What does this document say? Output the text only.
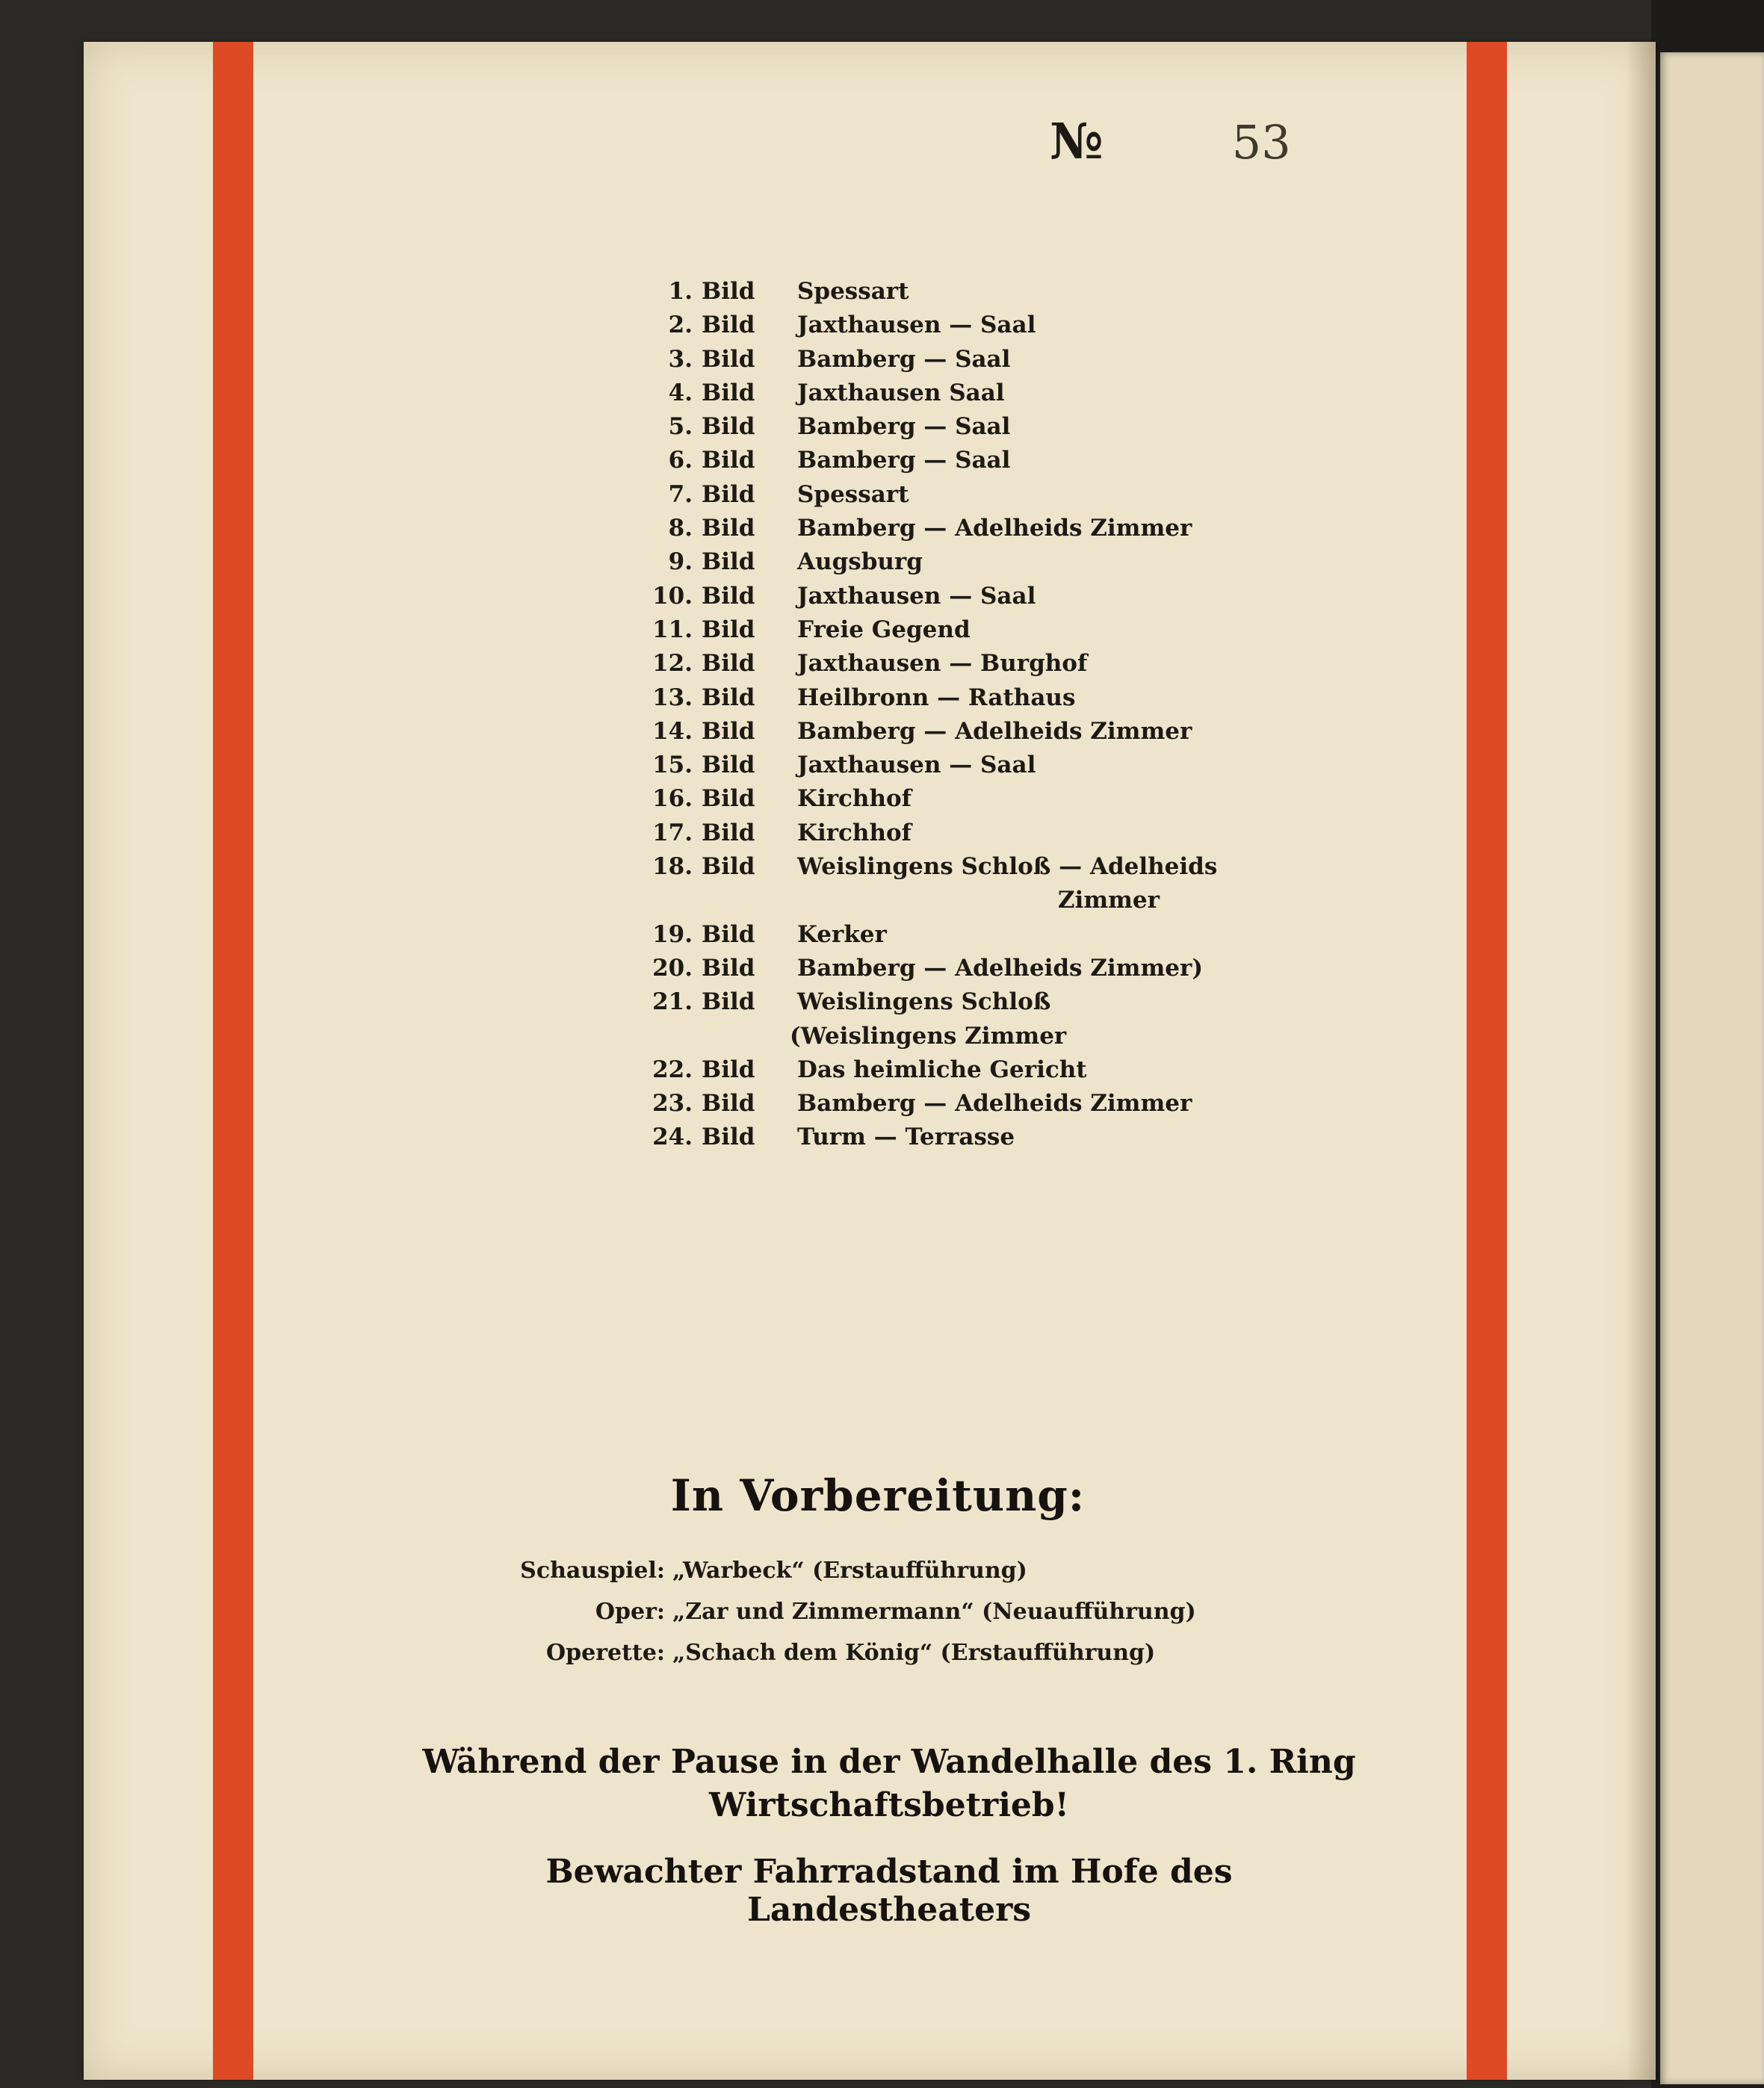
№	53
1. Bild	Spessart
2. Bild	Jaxthausen — Saal
3. Bild	Bamberg — Saal
4. Bild	Jaxthausen Saal
5. Bild	Bamberg — Saal
6. Bild	Bamberg — Saal
7. Bild	Spessart
8. Bild	Bamberg — Adelheids Zimmer
9. Bild	Augsburg
10. Bild	Jaxthausen — Saal
11. Bild	Freie Gegend
12. Bild	Jaxthausen — Burghof
13. Bild	Heilbronn — Rathaus
14. Bild	Bamberg — Adelheids Zimmer
15. Bild	Jaxthausen — Saal
16. Bild	Kirchhof
17. Bild	Kirchhof
18. Bild	Weislingens Schloß — Adelheids
Zimmer
19. Bild	Kerker
20. Bild	Bamberg — Adelheids Zimmer)
21. Bild	Weislingens Schloß
(Weislingens Zimmer
22. Bild	Das heimliche Gericht
23. Bild	Bamberg — Adelheids Zimmer
24. Bild	Turm — Terrasse
In Vorbereitung:
Schauspiel: „Warbeck“ (Erstaufführung)
Oper: „Zar und Zimmermann“ (Neuaufführung)
Operette: „Schach dem König“ (Erstaufführung)
Während der Pause in der Wandelhalle des 1. Ring
Wirtschaftsbetrieb!
Bewachter Fahrradstand im Hofe des Landestheaters
